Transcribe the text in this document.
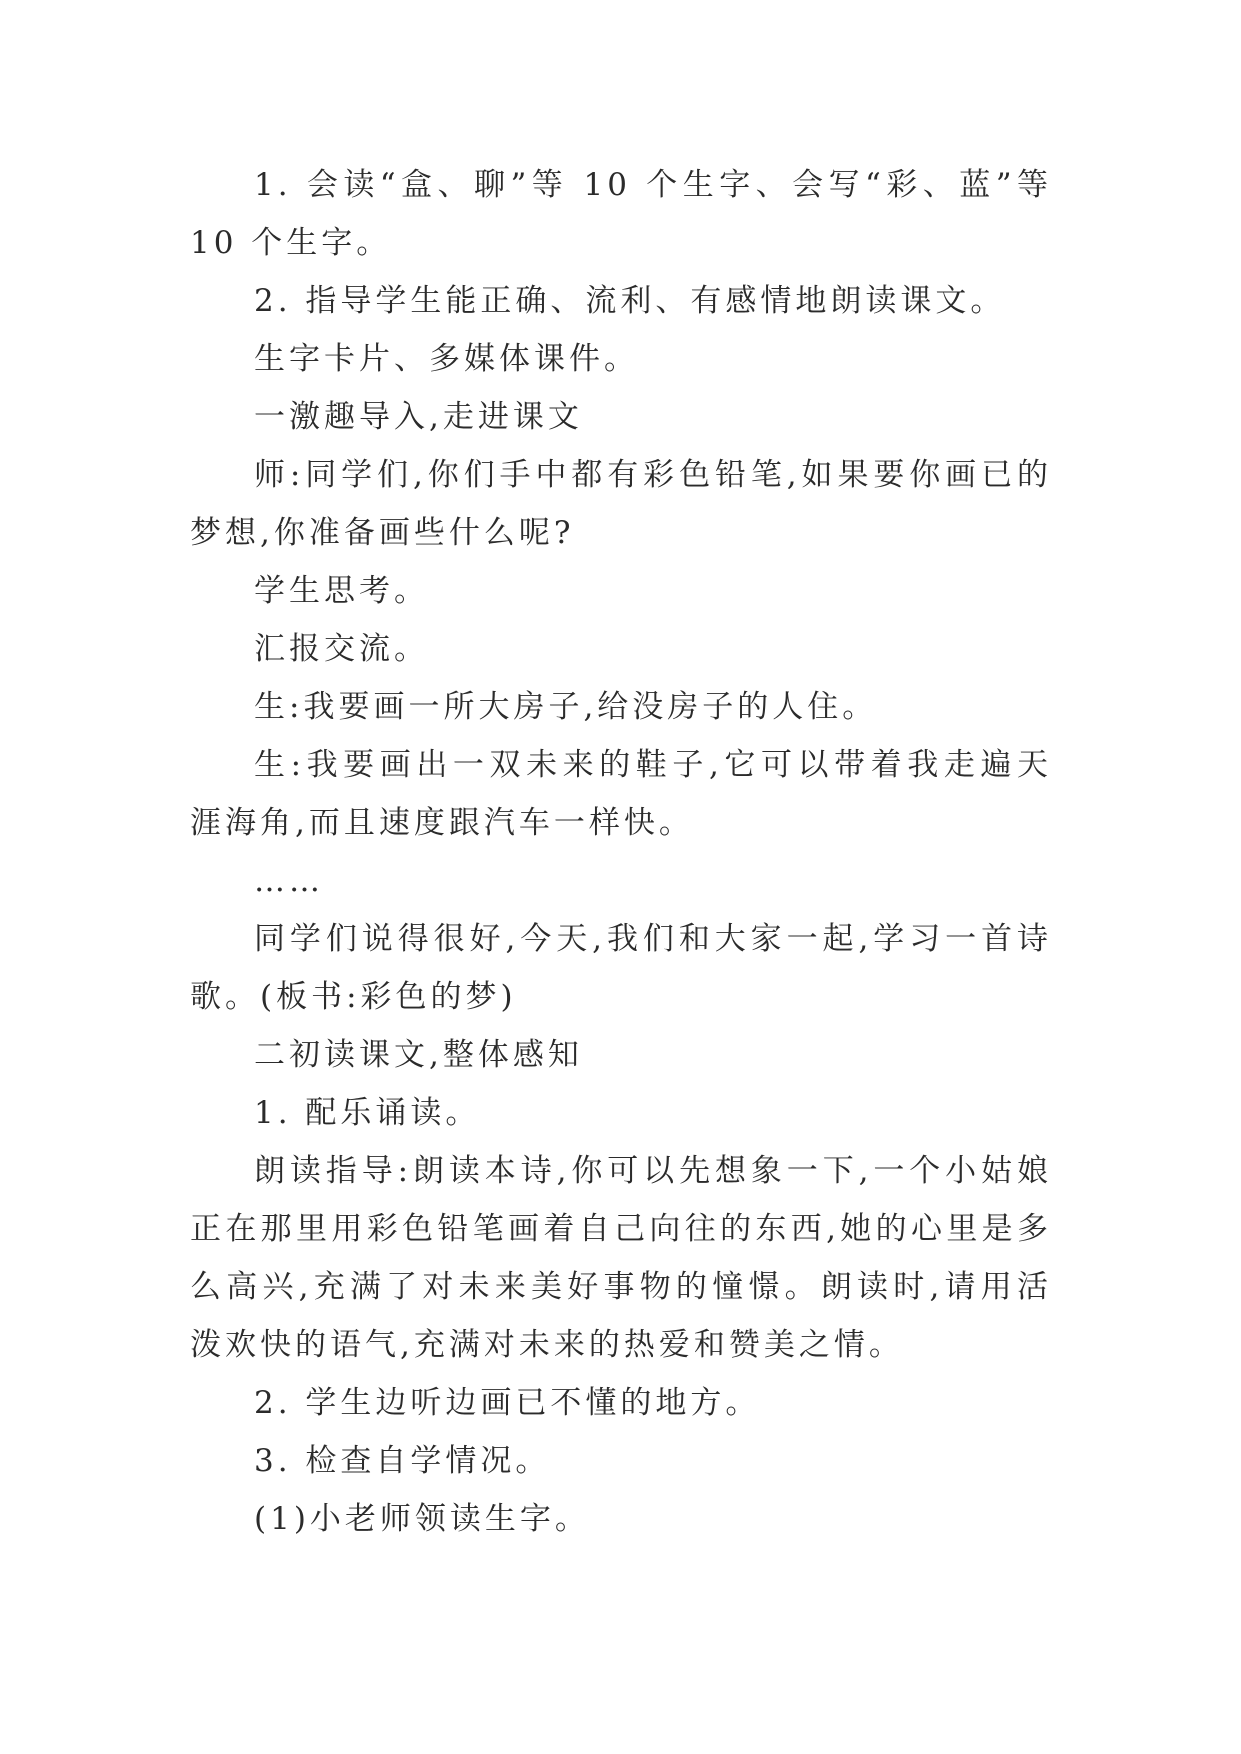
1. 会读“盒、聊”等 10 个生字、会写“彩、蓝”等 10 个生字。

2. 指导学生能正确、流利、有感情地朗读课文。

生字卡片、多媒体课件。

一激趣导入,走进课文

师:同学们,你们手中都有彩色铅笔,如果要你画已的梦想,你准备画些什么呢?

学生思考。

汇报交流。

生:我要画一所大房子,给没房子的人住。

生:我要画出一双未来的鞋子,它可以带着我走遍天涯海角,而且速度跟汽车一样快。

……

同学们说得很好,今天,我们和大家一起,学习一首诗歌。(板书:彩色的梦)

二初读课文,整体感知

1. 配乐诵读。

朗读指导:朗读本诗,你可以先想象一下,一个小姑娘正在那里用彩色铅笔画着自己向往的东西,她的心里是多么高兴,充满了对未来美好事物的憧憬。朗读时,请用活泼欢快的语气,充满对未来的热爱和赞美之情。

2. 学生边听边画已不懂的地方。

3. 检查自学情况。

(1)小老师领读生字。
